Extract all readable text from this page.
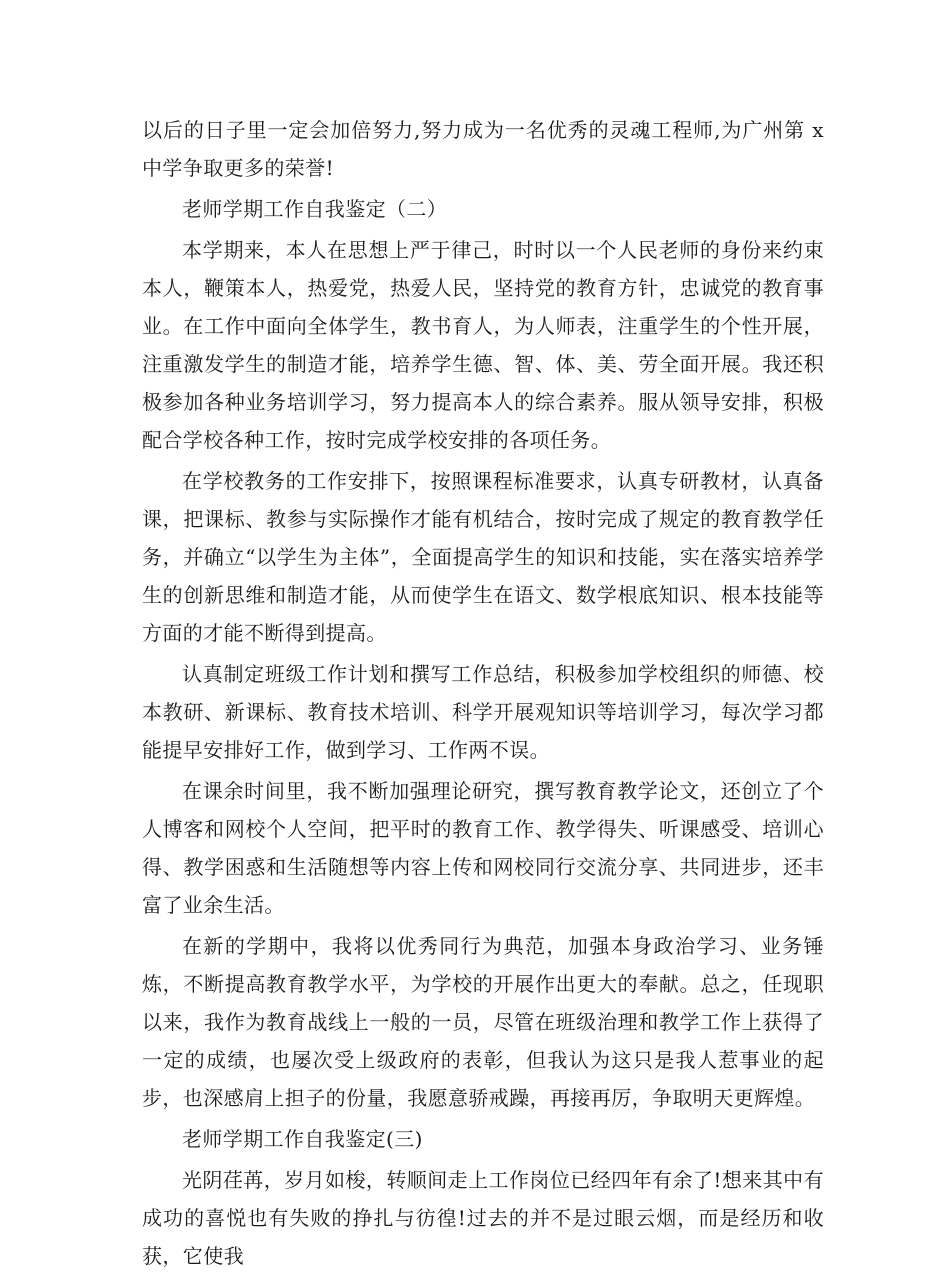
以后的日子里一定会加倍努力,努力成为一名优秀的灵魂工程师,为广州第 x 中学争取更多的荣誉!

老师学期工作自我鉴定（二）

本学期来，本人在思想上严于律己，时时以一个人民老师的身份来约束本人，鞭策本人，热爱党，热爱人民，坚持党的教育方针，忠诚党的教育事业。在工作中面向全体学生，教书育人，为人师表，注重学生的个性开展，注重激发学生的制造才能，培养学生德、智、体、美、劳全面开展。我还积极参加各种业务培训学习，努力提高本人的综合素养。服从领导安排，积极配合学校各种工作，按时完成学校安排的各项任务。

在学校教务的工作安排下，按照课程标准要求，认真专研教材，认真备课，把课标、教参与实际操作才能有机结合，按时完成了规定的教育教学任务，并确立“以学生为主体”，全面提高学生的知识和技能，实在落实培养学生的创新思维和制造才能，从而使学生在语文、数学根底知识、根本技能等方面的才能不断得到提高。

认真制定班级工作计划和撰写工作总结，积极参加学校组织的师德、校本教研、新课标、教育技术培训、科学开展观知识等培训学习，每次学习都能提早安排好工作，做到学习、工作两不误。

在课余时间里，我不断加强理论研究，撰写教育教学论文，还创立了个人博客和网校个人空间，把平时的教育工作、教学得失、听课感受、培训心得、教学困惑和生活随想等内容上传和网校同行交流分享、共同进步，还丰富了业余生活。

在新的学期中，我将以优秀同行为典范，加强本身政治学习、业务锤炼，不断提高教育教学水平，为学校的开展作出更大的奉献。总之，任现职以来，我作为教育战线上一般的一员，尽管在班级治理和教学工作上获得了一定的成绩，也屡次受上级政府的表彰，但我认为这只是我人惹事业的起步，也深感肩上担子的份量，我愿意骄戒躁，再接再厉，争取明天更辉煌。

老师学期工作自我鉴定(三)

光阴荏苒，岁月如梭，转顺间走上工作岗位已经四年有余了!想来其中有成功的喜悦也有失败的挣扎与彷徨!过去的并不是过眼云烟，而是经历和收获，它使我
